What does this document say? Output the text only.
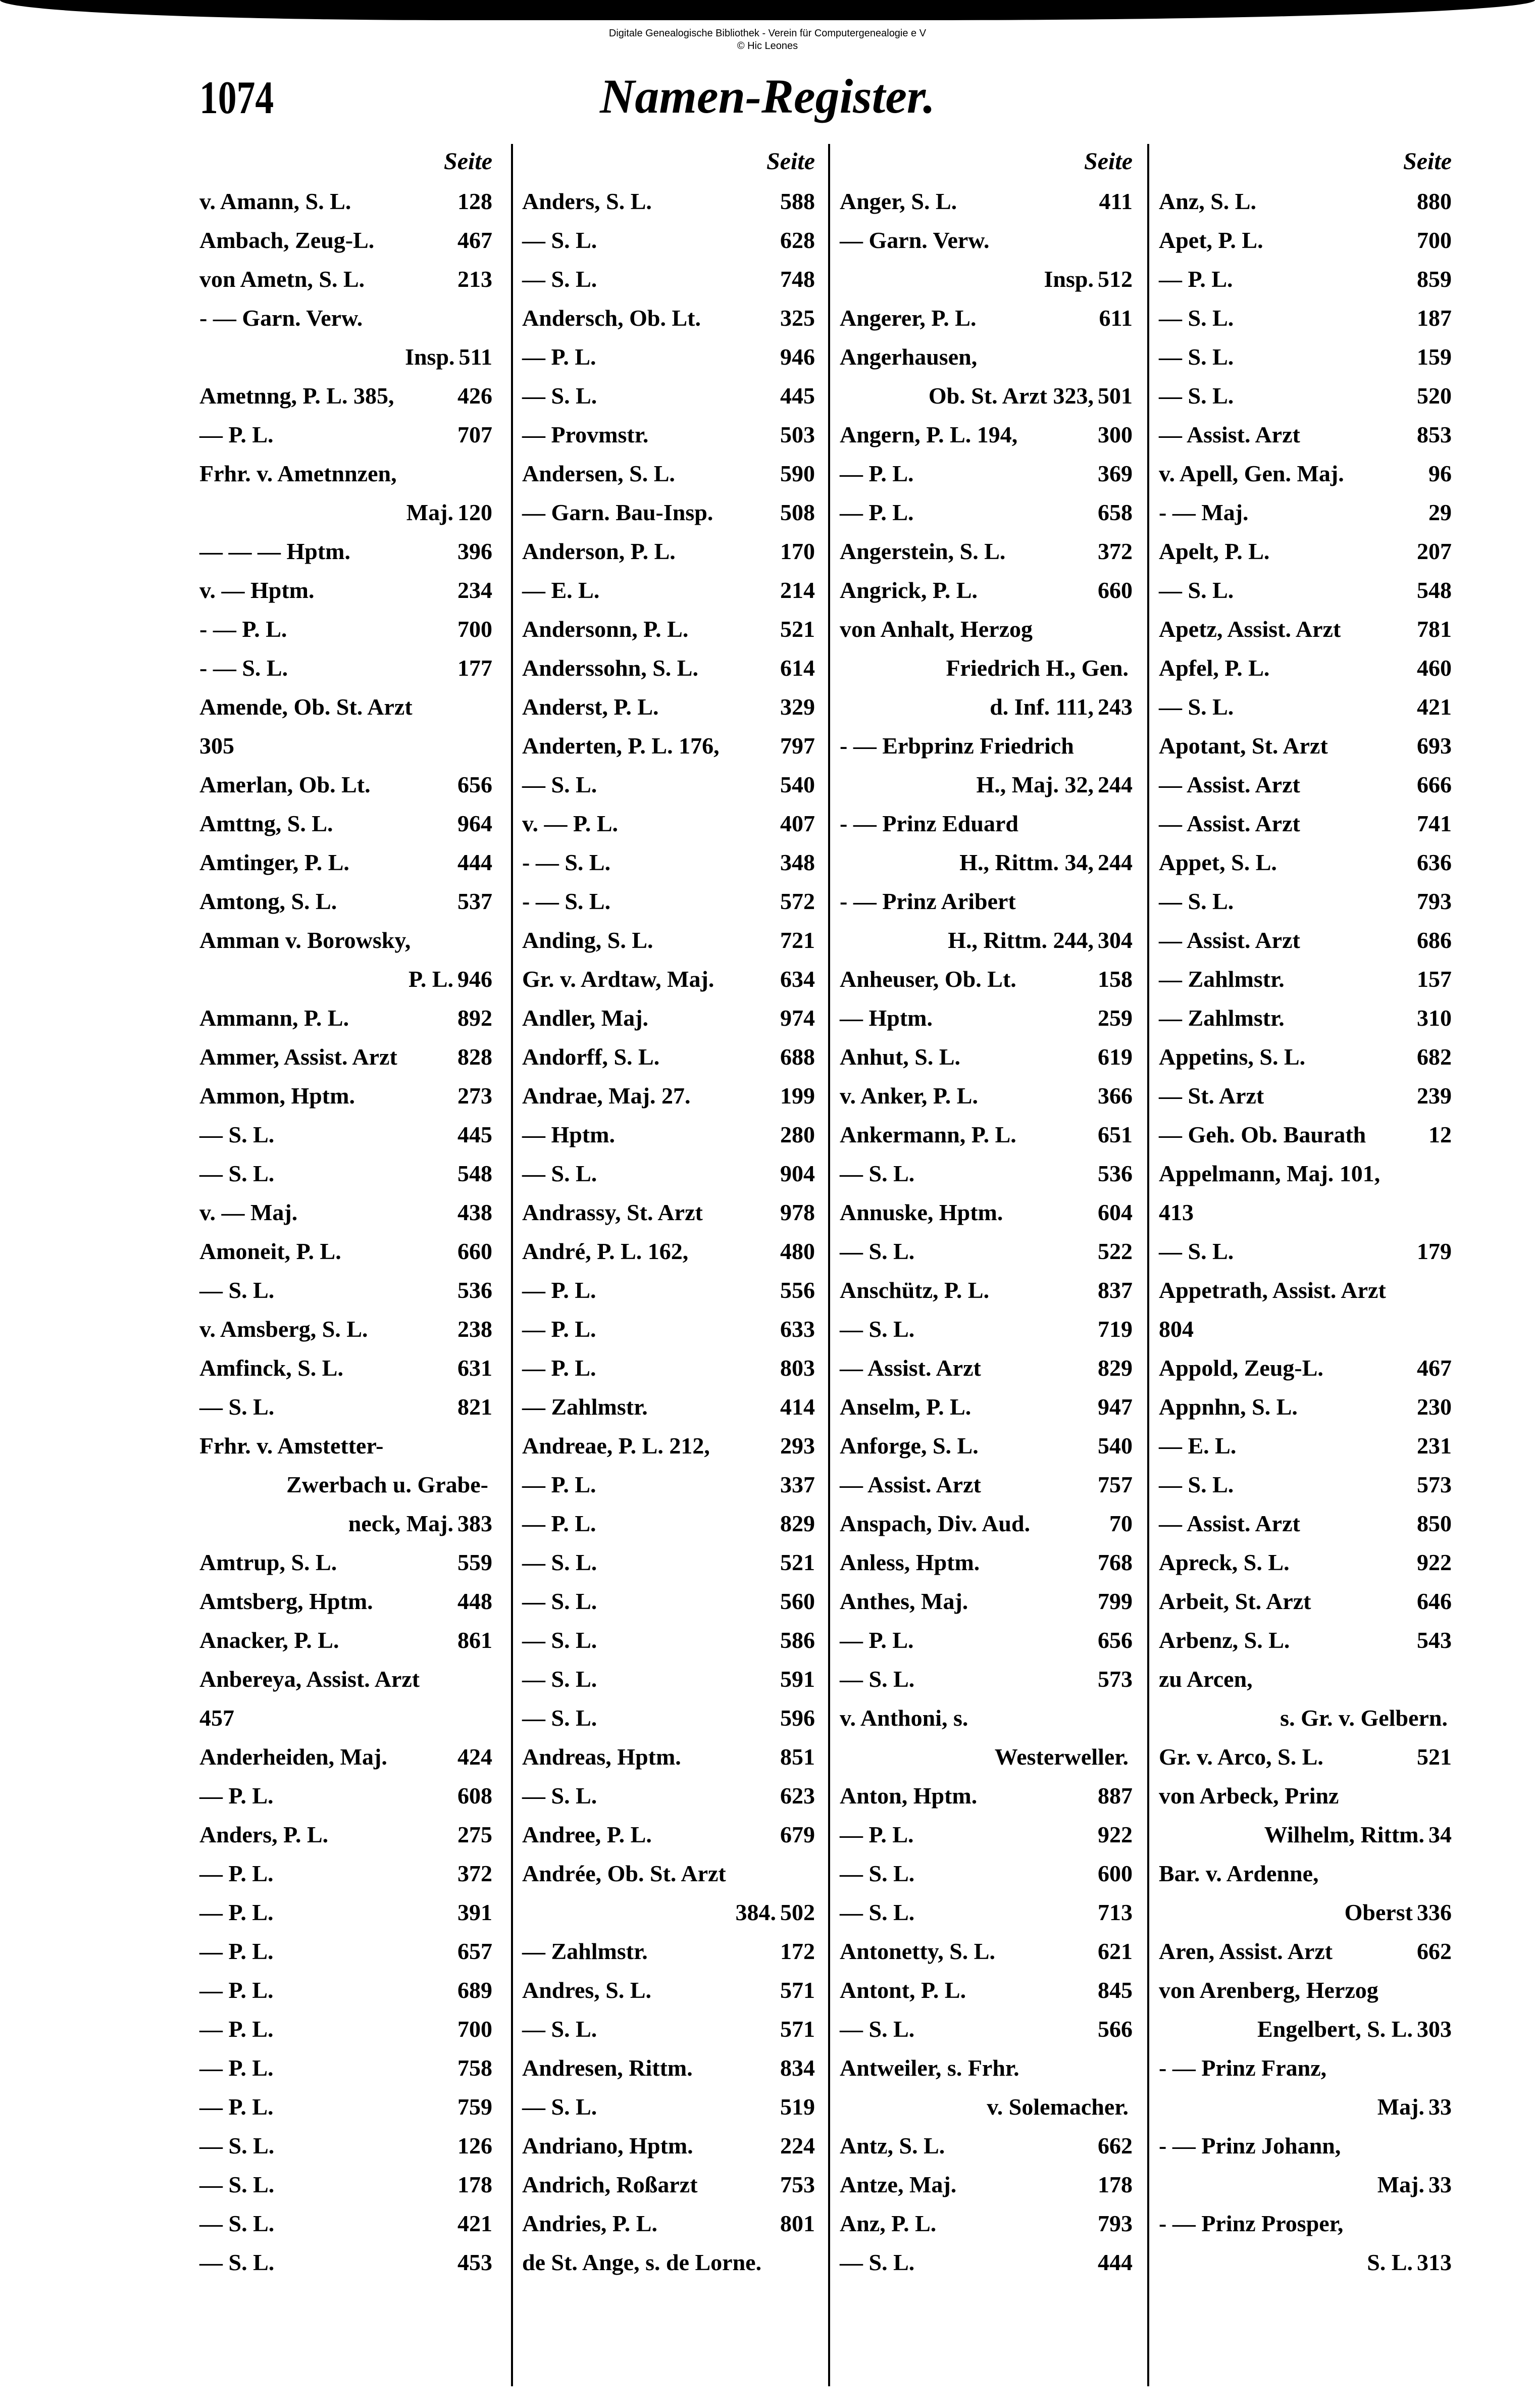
Digitale Genealogische Bibliothek - Verein für Computergenealogie e V
© Hic Leones
1074	Namen-Register.
Seite
v. Amann, S. L.	128
Ambach, Zeug-L.	467
von Ametn, S. L.	213
- — Garn. Verw.
Insp. 511
Ametnng, P. L. 385,	426
— P. L.	707
Frhr. v. Ametnnzen,
Maj. 120
— — — Hptm.	396
v. — Hptm.	234
- — P. L.	700
- — S. L.	177
Amende, Ob. St. Arzt
305
Amerlan, Ob. Lt.	656
Amttng, S. L.	964
Amtinger, P. L.	444
Amtong, S. L.	537
Amman v. Borowsky,
P. L. 946
Ammann, P. L.	892
Ammer, Assist. Arzt	828
Ammon, Hptm.	273
— S. L.	445
— S. L.	548
v. — Maj.	438
Amoneit, P. L.	660
— S. L.	536
v. Amsberg, S. L.	238
Amfinck, S. L.	631
— S. L.	821
Frhr. v. Amstetter-
Zwerbach u. Grabe-
neck, Maj. 383
Amtrup, S. L.	559
Amtsberg, Hptm.	448
Anacker, P. L.	861
Anbereya, Assist. Arzt
457
Anderheiden, Maj.	424
— P. L.	608
Anders, P. L.	275
— P. L.	372
— P. L.	391
— P. L.	657
— P. L.	689
— P. L.	700
— P. L.	758
— P. L.	759
— S. L.	126
— S. L.	178
— S. L.	421
— S. L.	453
Seite
Anders, S. L.	588
— S. L.	628
— S. L.	748
Andersch, Ob. Lt.	325
— P. L.	946
— S. L.	445
— Provmstr.	503
Andersen, S. L.	590
— Garn. Bau-Insp.	508
Anderson, P. L.	170
— E. L.	214
Andersonn, P. L.	521
Anderssohn, S. L.	614
Anderst, P. L.	329
Anderten, P. L. 176,	797
— S. L.	540
v. — P. L.	407
- — S. L.	348
- — S. L.	572
Anding, S. L.	721
Gr. v. Ardtaw, Maj.	634
Andler, Maj.	974
Andorff, S. L.	688
Andrae, Maj. 27.	199
— Hptm.	280
— S. L.	904
Andrassy, St. Arzt	978
André, P. L. 162,	480
— P. L.	556
— P. L.	633
— P. L.	803
— Zahlmstr.	414
Andreae, P. L. 212,	293
— P. L.	337
— P. L.	829
— S. L.	521
— S. L.	560
— S. L.	586
— S. L.	591
— S. L.	596
Andreas, Hptm.	851
— S. L.	623
Andree, P. L.	679
Andrée, Ob. St. Arzt
384. 502
— Zahlmstr.	172
Andres, S. L.	571
— S. L.	571
Andresen, Rittm.	834
— S. L.	519
Andriano, Hptm.	224
Andrich, Roßarzt	753
Andries, P. L.	801
de St. Ange, s. de Lorne.
Seite
Anger, S. L.	411
— Garn. Verw.
Insp. 512
Angerer, P. L.	611
Angerhausen,
Ob. St. Arzt 323, 501
Angern, P. L. 194,	300
— P. L.	369
— P. L.	658
Angerstein, S. L.	372
Angrick, P. L.	660
von Anhalt, Herzog
Friedrich H., Gen.
d. Inf. 111, 243
- — Erbprinz Friedrich
H., Maj. 32, 244
- — Prinz Eduard
H., Rittm. 34, 244
- — Prinz Aribert
H., Rittm. 244, 304
Anheuser, Ob. Lt.	158
— Hptm.	259
Anhut, S. L.	619
v. Anker, P. L.	366
Ankermann, P. L.	651
— S. L.	536
Annuske, Hptm.	604
— S. L.	522
Anschütz, P. L.	837
— S. L.	719
— Assist. Arzt	829
Anselm, P. L.	947
Anforge, S. L.	540
— Assist. Arzt	757
Anspach, Div. Aud.	70
Anless, Hptm.	768
Anthes, Maj.	799
— P. L.	656
— S. L.	573
v. Anthoni, s.
Westerweller.
Anton, Hptm.	887
— P. L.	922
— S. L.	600
— S. L.	713
Antonetty, S. L.	621
Antont, P. L.	845
— S. L.	566
Antweiler, s. Frhr.
v. Solemacher.
Antz, S. L.	662
Antze, Maj.	178
Anz, P. L.	793
— S. L.	444
Seite
Anz, S. L.	880
Apet, P. L.	700
— P. L.	859
— S. L.	187
— S. L.	159
— S. L.	520
— Assist. Arzt	853
v. Apell, Gen. Maj.	96
- — Maj.	29
Apelt, P. L.	207
— S. L.	548
Apetz, Assist. Arzt	781
Apfel, P. L.	460
— S. L.	421
Apotant, St. Arzt	693
— Assist. Arzt	666
— Assist. Arzt	741
Appet, S. L.	636
— S. L.	793
— Assist. Arzt	686
— Zahlmstr.	157
— Zahlmstr.	310
Appetins, S. L.	682
— St. Arzt	239
— Geh. Ob. Baurath	12
Appelmann, Maj. 101,
413
— S. L.	179
Appetrath, Assist. Arzt
804
Appold, Zeug-L.	467
Appnhn, S. L.	230
— E. L.	231
— S. L.	573
— Assist. Arzt	850
Apreck, S. L.	922
Arbeit, St. Arzt	646
Arbenz, S. L.	543
zu Arcen,
s. Gr. v. Gelbern.
Gr. v. Arco, S. L.	521
von Arbeck, Prinz
Wilhelm, Rittm. 34
Bar. v. Ardenne,
Oberst 336
Aren, Assist. Arzt	662
von Arenberg, Herzog
Engelbert, S. L. 303
- — Prinz Franz,
Maj. 33
- — Prinz Johann,
Maj. 33
- — Prinz Prosper,
S. L. 313
